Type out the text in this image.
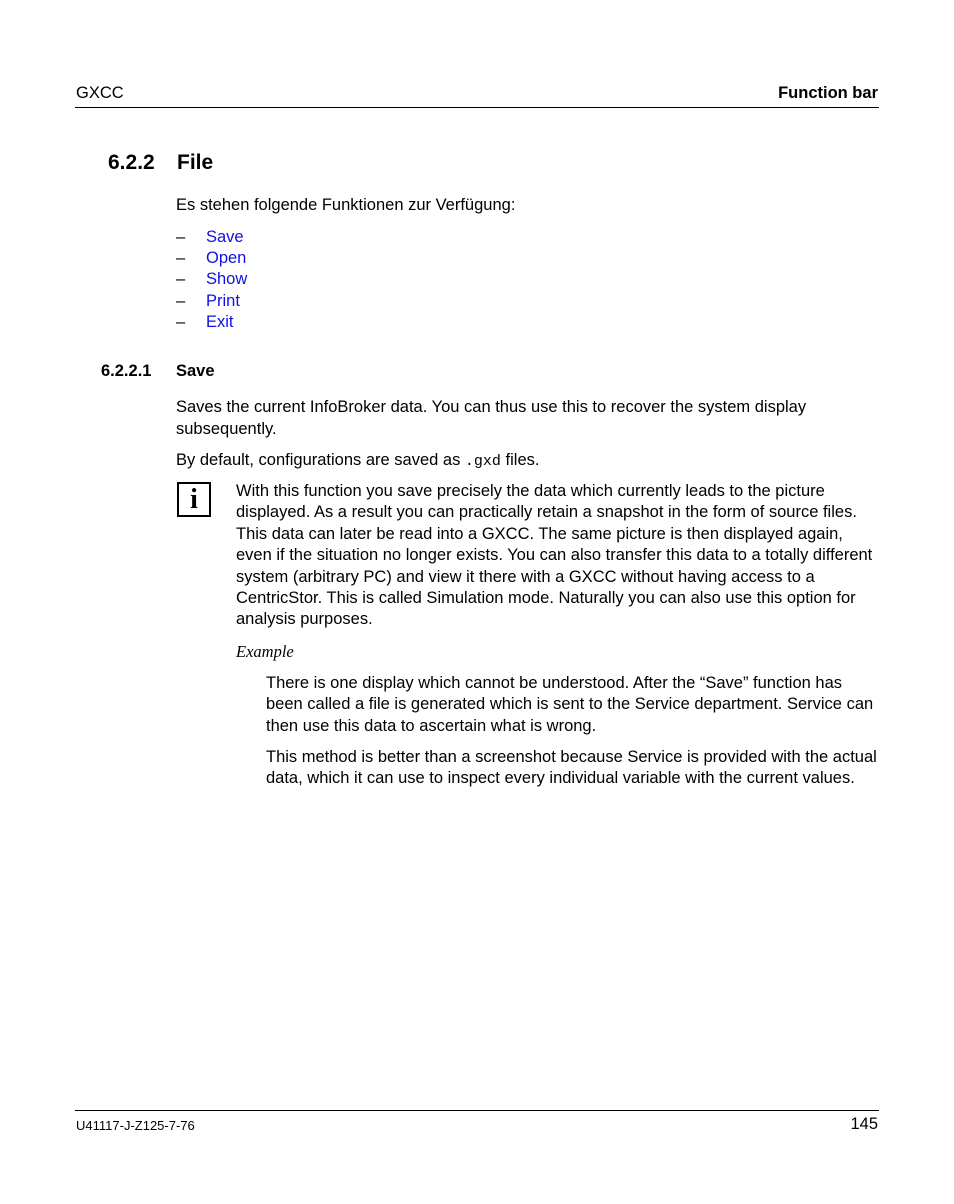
GXCC	Function bar
6.2.2 File
Es stehen folgende Funktionen zur Verfügung:
– Save
– Open
– Show
– Print
– Exit
6.2.2.1 Save
Saves the current InfoBroker data. You can thus use this to recover the system display subsequently.
By default, configurations are saved as .gxd files.
i	With this function you save precisely the data which currently leads to the picture displayed. As a result you can practically retain a snapshot in the form of source files. This data can later be read into a GXCC. The same picture is then displayed again, even if the situation no longer exists. You can also transfer this data to a totally different system (arbitrary PC) and view it there with a GXCC without having access to a CentricStor. This is called Simulation mode. Naturally you can also use this option for analysis purposes.
Example
There is one display which cannot be understood. After the “Save” function has been called a file is generated which is sent to the Service department. Service can then use this data to ascertain what is wrong.
This method is better than a screenshot because Service is provided with the actual data, which it can use to inspect every individual variable with the current values.
U41117-J-Z125-7-76	145
